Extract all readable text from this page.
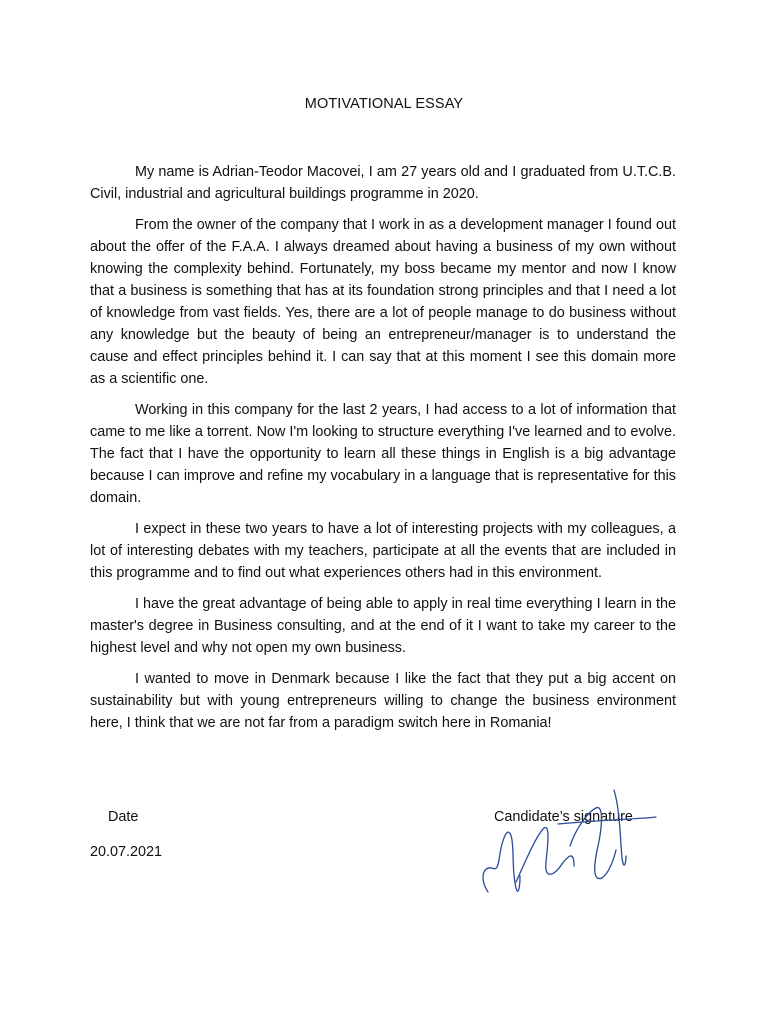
MOTIVATIONAL ESSAY

My name is Adrian-Teodor Macovei, I am 27 years old and I graduated from U.T.C.B. Civil, industrial and agricultural buildings programme in 2020.

From the owner of the company that I work in as a development manager I found out about the offer of the F.A.A. I always dreamed about having a business of my own without knowing the complexity behind. Fortunately, my boss became my mentor and now I know that a business is something that has at its foundation strong principles and that I need a lot of knowledge from vast fields. Yes, there are a lot of people manage to do business without any knowledge but the beauty of being an entrepreneur/manager is to understand the cause and effect principles behind it. I can say that at this moment I see this domain more as a scientific one.

Working in this company for the last 2 years, I had access to a lot of information that came to me like a torrent. Now I'm looking to structure everything I've learned and to evolve. The fact that I have the opportunity to learn all these things in English is a big advantage because I can improve and refine my vocabulary in a language that is representative for this domain.

I expect in these two years to have a lot of interesting projects with my colleagues, a lot of interesting debates with my teachers, participate at all the events that are included in this programme and to find out what experiences others had in this environment.

I have the great advantage of being able to apply in real time everything I learn in the master's degree in Business consulting, and at the end of it I want to take my career to the highest level and why not open my own business.

I wanted to move in Denmark because I like the fact that they put a big accent on sustainability but with young entrepreneurs willing to change the business environment here, I think that we are not far from a paradigm switch here in Romania!

Date
20.07.2021
Candidate’s signature
